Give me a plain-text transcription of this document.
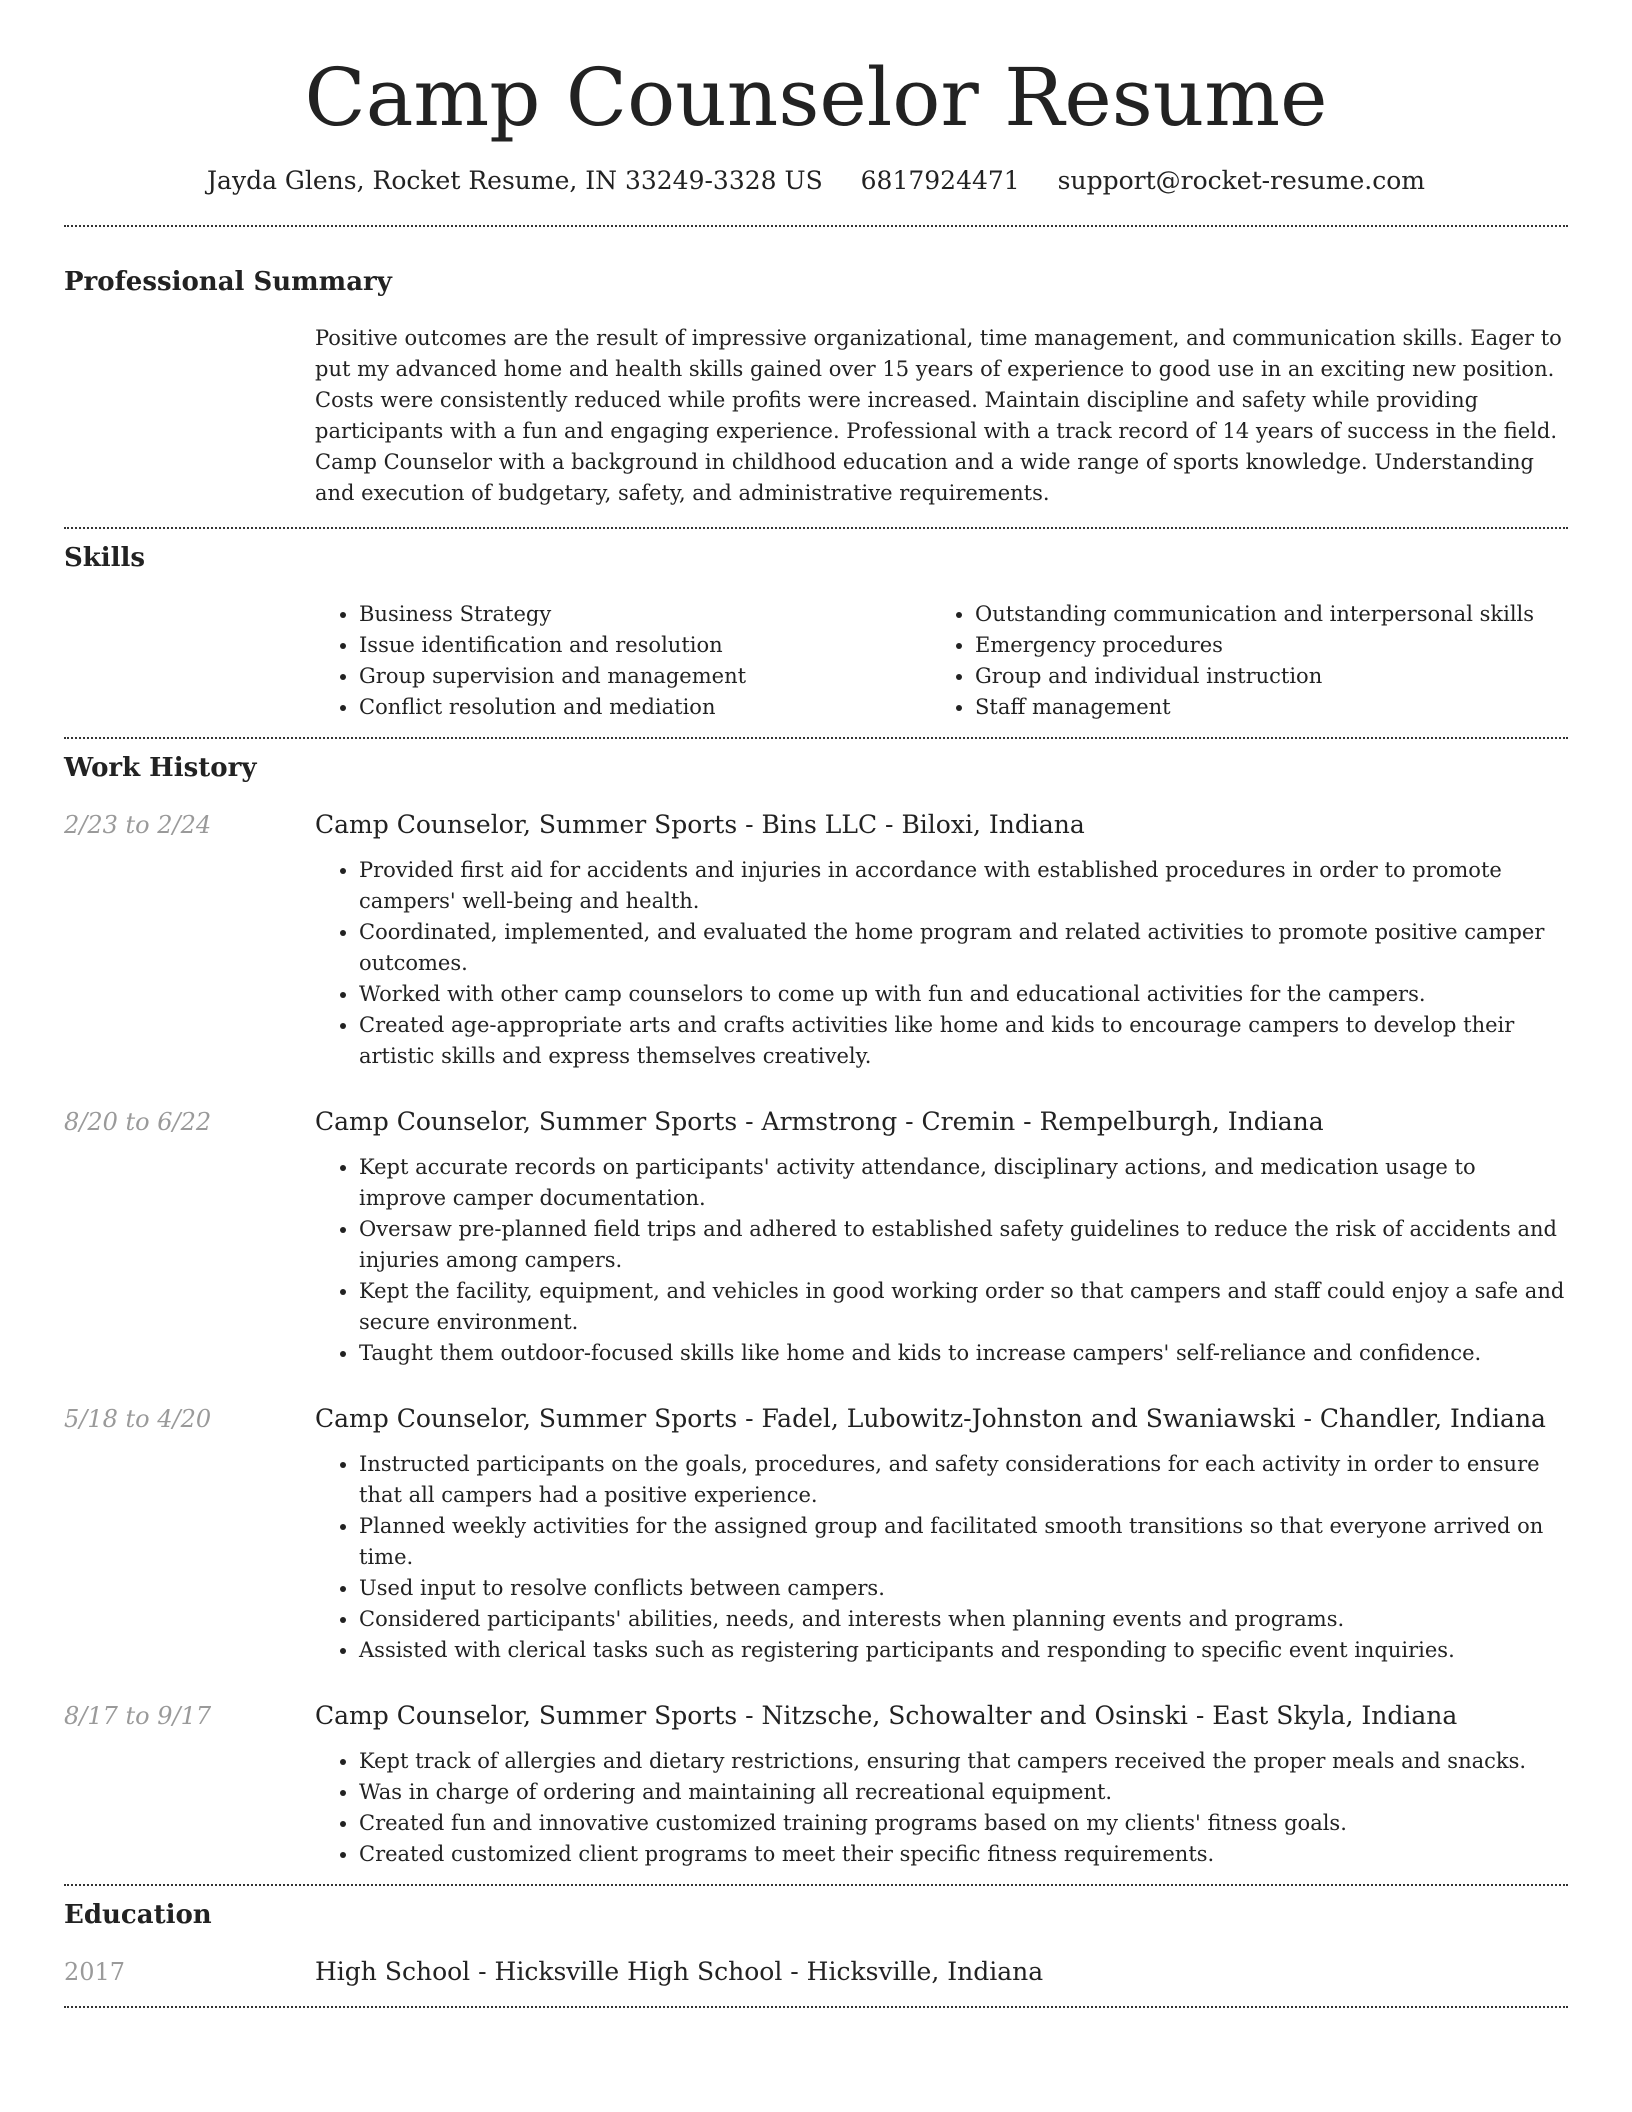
Camp Counselor Resume
Jayda Glens, Rocket Resume, IN 33249-3328 US 6817924471 support@rocket-resume.com
Professional Summary

Positive outcomes are the result of impressive organizational, time management, and communication skills. Eager to put my advanced home and health skills gained over 15 years of experience to good use in an exciting new position. Costs were consistently reduced while profits were increased. Maintain discipline and safety while providing participants with a fun and engaging experience. Professional with a track record of 14 years of success in the field. Camp Counselor with a background in childhood education and a wide range of sports knowledge. Understanding and execution of budgetary, safety, and administrative requirements.

Skills
• Business Strategy
• Issue identification and resolution
• Group supervision and management
• Conflict resolution and mediation
• Outstanding communication and interpersonal skills
• Emergency procedures
• Group and individual instruction
• Staff management
Work History
2/23 to 2/24	Camp Counselor, Summer Sports - Bins LLC - Biloxi, Indiana
• Provided first aid for accidents and injuries in accordance with established procedures in order to promote campers' well-being and health.
• Coordinated, implemented, and evaluated the home program and related activities to promote positive camper outcomes.
• Worked with other camp counselors to come up with fun and educational activities for the campers.
• Created age-appropriate arts and crafts activities like home and kids to encourage campers to develop their artistic skills and express themselves creatively.
8/20 to 6/22	Camp Counselor, Summer Sports - Armstrong - Cremin - Rempelburgh, Indiana
• Kept accurate records on participants' activity attendance, disciplinary actions, and medication usage to improve camper documentation.
• Oversaw pre-planned field trips and adhered to established safety guidelines to reduce the risk of accidents and injuries among campers.
• Kept the facility, equipment, and vehicles in good working order so that campers and staff could enjoy a safe and secure environment.
• Taught them outdoor-focused skills like home and kids to increase campers' self-reliance and confidence.
5/18 to 4/20	Camp Counselor, Summer Sports - Fadel, Lubowitz-Johnston and Swaniawski - Chandler, Indiana
• Instructed participants on the goals, procedures, and safety considerations for each activity in order to ensure that all campers had a positive experience.
• Planned weekly activities for the assigned group and facilitated smooth transitions so that everyone arrived on time.
• Used input to resolve conflicts between campers.
• Considered participants' abilities, needs, and interests when planning events and programs.
• Assisted with clerical tasks such as registering participants and responding to specific event inquiries.
8/17 to 9/17	Camp Counselor, Summer Sports - Nitzsche, Schowalter and Osinski - East Skyla, Indiana
• Kept track of allergies and dietary restrictions, ensuring that campers received the proper meals and snacks.
• Was in charge of ordering and maintaining all recreational equipment.
• Created fun and innovative customized training programs based on my clients' fitness goals.
• Created customized client programs to meet their specific fitness requirements.
Education
2017	High School - Hicksville High School - Hicksville, Indiana
